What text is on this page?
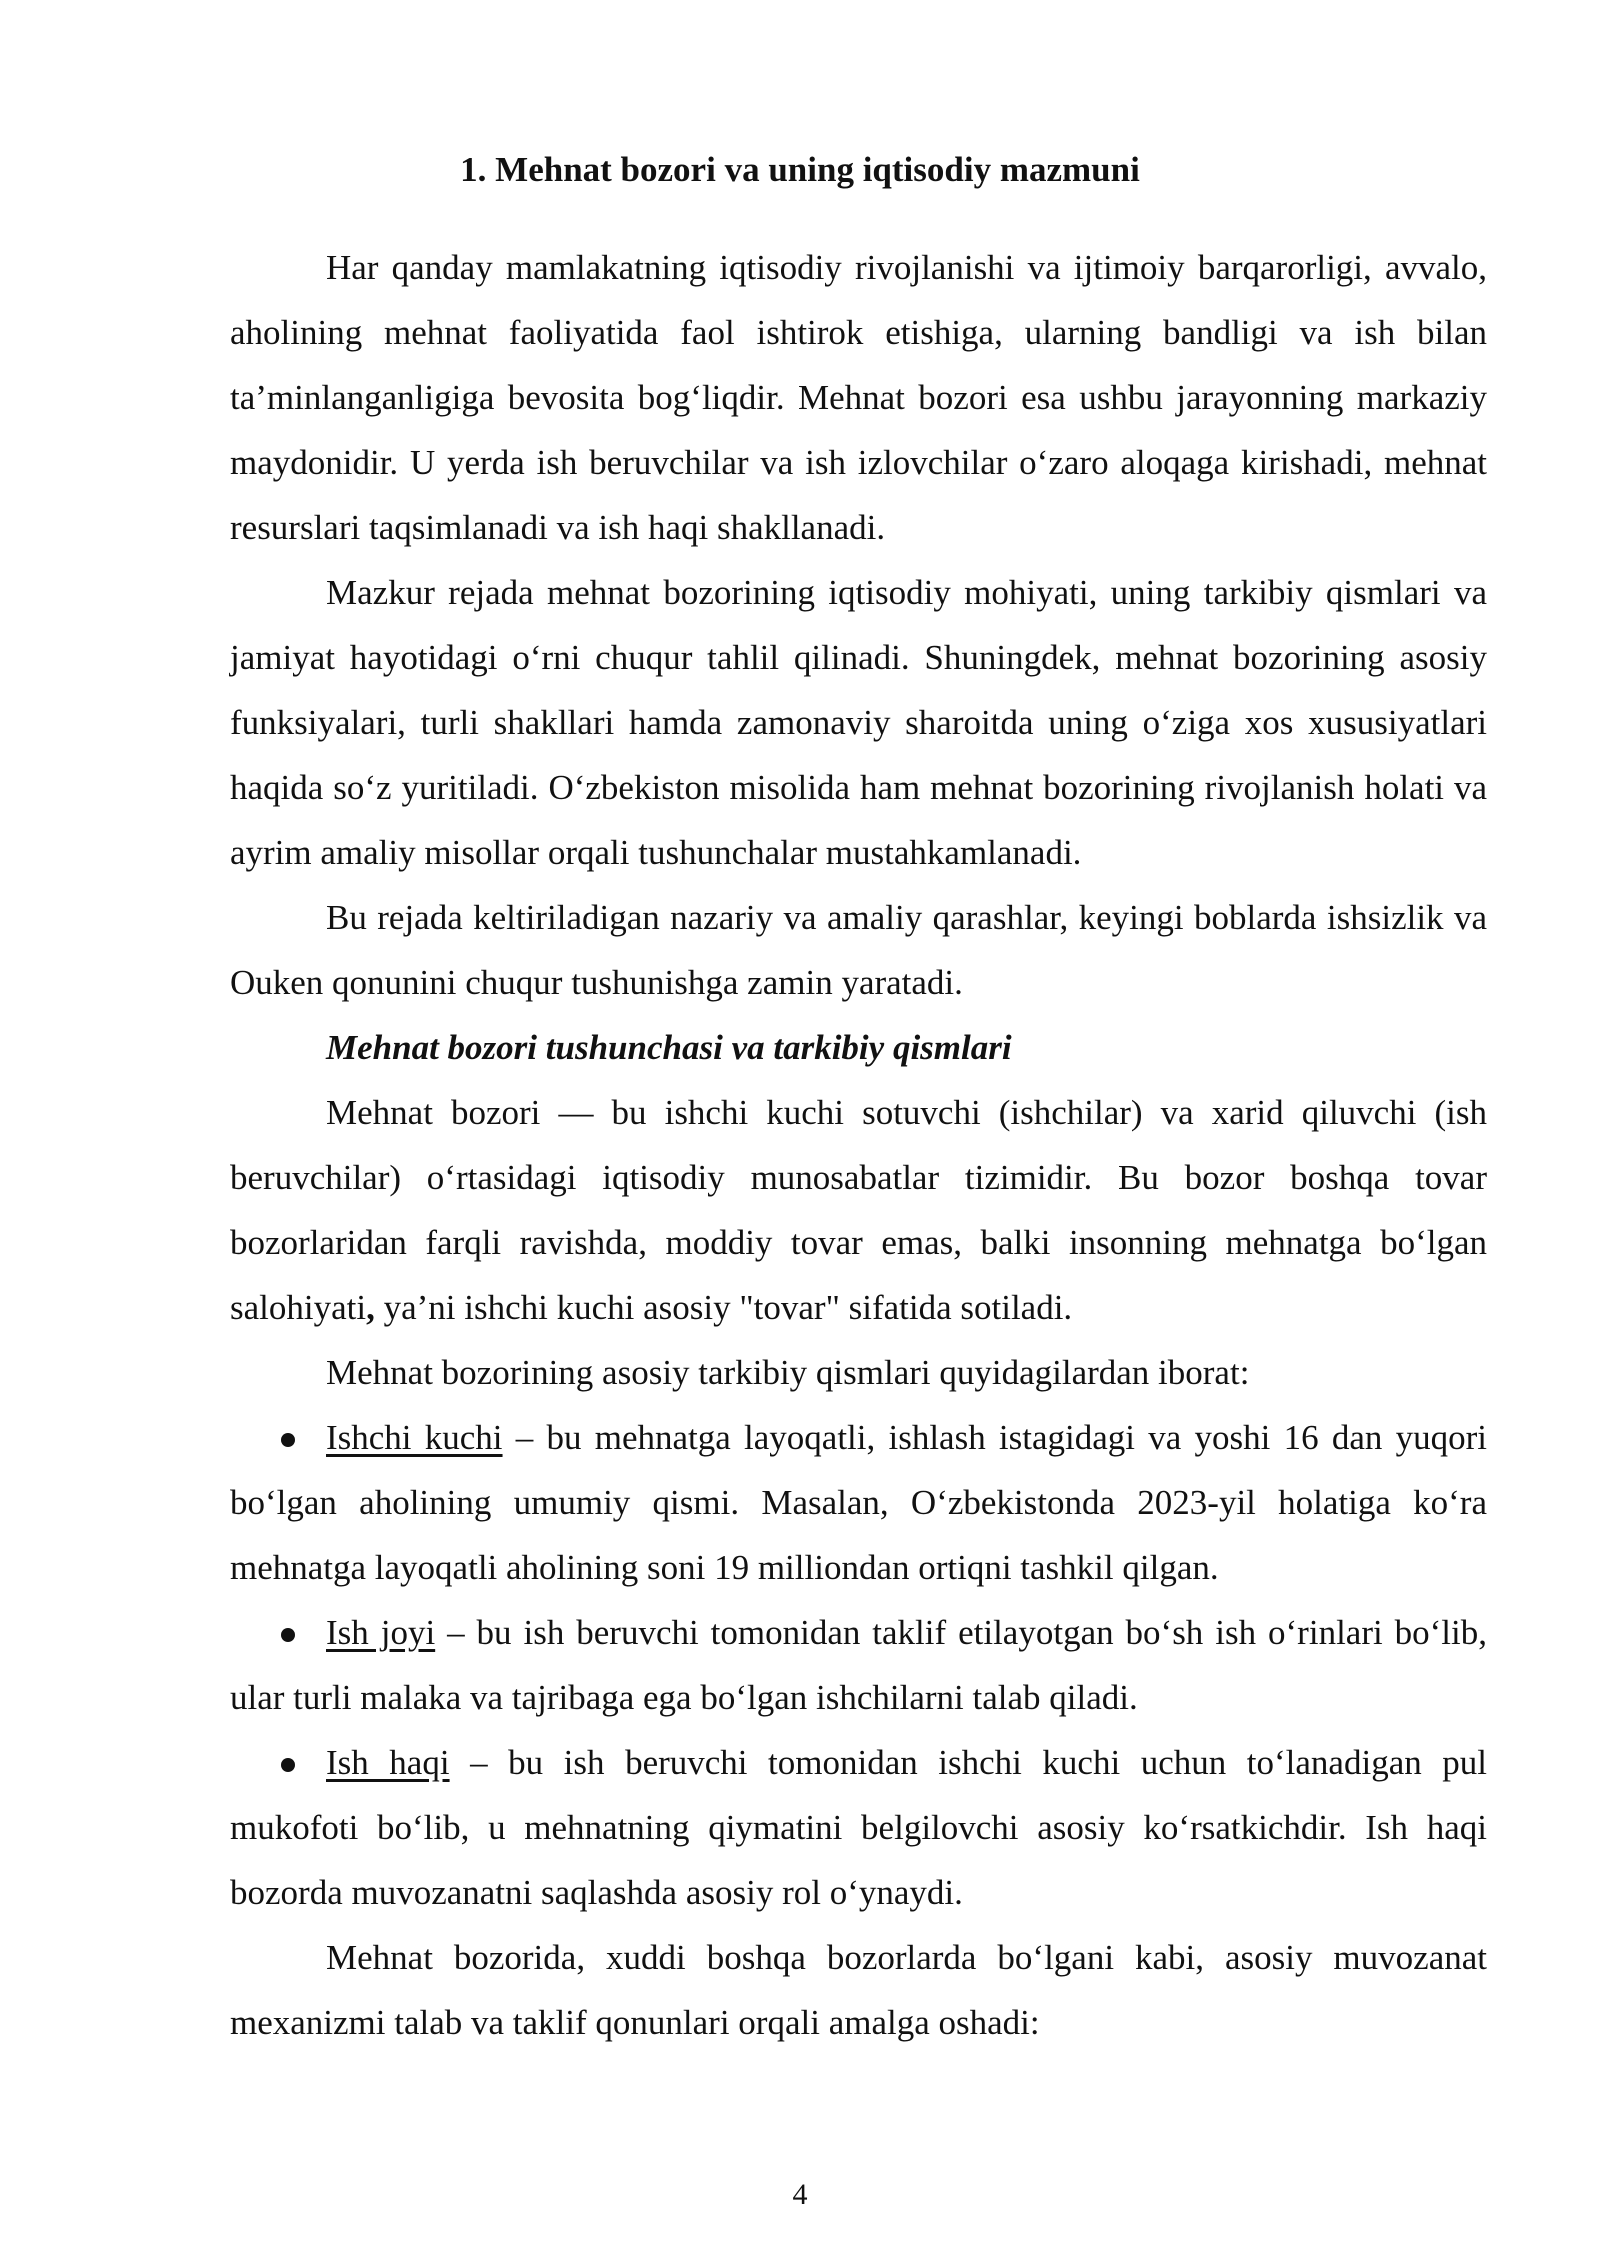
1. Mehnat bozori va uning iqtisodiy mazmuni

Har qanday mamlakatning iqtisodiy rivojlanishi va ijtimoiy barqarorligi, avvalo, aholining mehnat faoliyatida faol ishtirok etishiga, ularning bandligi va ish bilan ta’minlanganligiga bevosita bog‘liqdir. Mehnat bozori esa ushbu jarayonning markaziy maydonidir. U yerda ish beruvchilar va ish izlovchilar o‘zaro aloqaga kirishadi, mehnat resurslari taqsimlanadi va ish haqi shakllanadi.

Mazkur rejada mehnat bozorining iqtisodiy mohiyati, uning tarkibiy qismlari va jamiyat hayotidagi o‘rni chuqur tahlil qilinadi. Shuningdek, mehnat bozorining asosiy funksiyalari, turli shakllari hamda zamonaviy sharoitda uning o‘ziga xos xususiyatlari haqida so‘z yuritiladi. O‘zbekiston misolida ham mehnat bozorining rivojlanish holati va ayrim amaliy misollar orqali tushunchalar mustahkamlanadi.

Bu rejada keltiriladigan nazariy va amaliy qarashlar, keyingi boblarda ishsizlik va Ouken qonunini chuqur tushunishga zamin yaratadi.

Mehnat bozori tushunchasi va tarkibiy qismlari

Mehnat bozori — bu ishchi kuchi sotuvchi (ishchilar) va xarid qiluvchi (ish beruvchilar) o‘rtasidagi iqtisodiy munosabatlar tizimidir. Bu bozor boshqa tovar bozorlaridan farqli ravishda, moddiy tovar emas, balki insonning mehnatga bo‘lgan salohiyati, ya’ni ishchi kuchi asosiy "tovar" sifatida sotiladi.

Mehnat bozorining asosiy tarkibiy qismlari quyidagilardan iborat:

Ishchi kuchi – bu mehnatga layoqatli, ishlash istagidagi va yoshi 16 dan yuqori bo‘lgan aholining umumiy qismi. Masalan, O‘zbekistonda 2023-yil holatiga ko‘ra mehnatga layoqatli aholining soni 19 milliondan ortiqni tashkil qilgan.

Ish joyi – bu ish beruvchi tomonidan taklif etilayotgan bo‘sh ish o‘rinlari bo‘lib, ular turli malaka va tajribaga ega bo‘lgan ishchilarni talab qiladi.

Ish haqi – bu ish beruvchi tomonidan ishchi kuchi uchun to‘lanadigan pul mukofoti bo‘lib, u mehnatning qiymatini belgilovchi asosiy ko‘rsatkichdir. Ish haqi bozorda muvozanatni saqlashda asosiy rol o‘ynaydi.

Mehnat bozorida, xuddi boshqa bozorlarda bo‘lgani kabi, asosiy muvozanat mexanizmi talab va taklif qonunlari orqali amalga oshadi:

4
